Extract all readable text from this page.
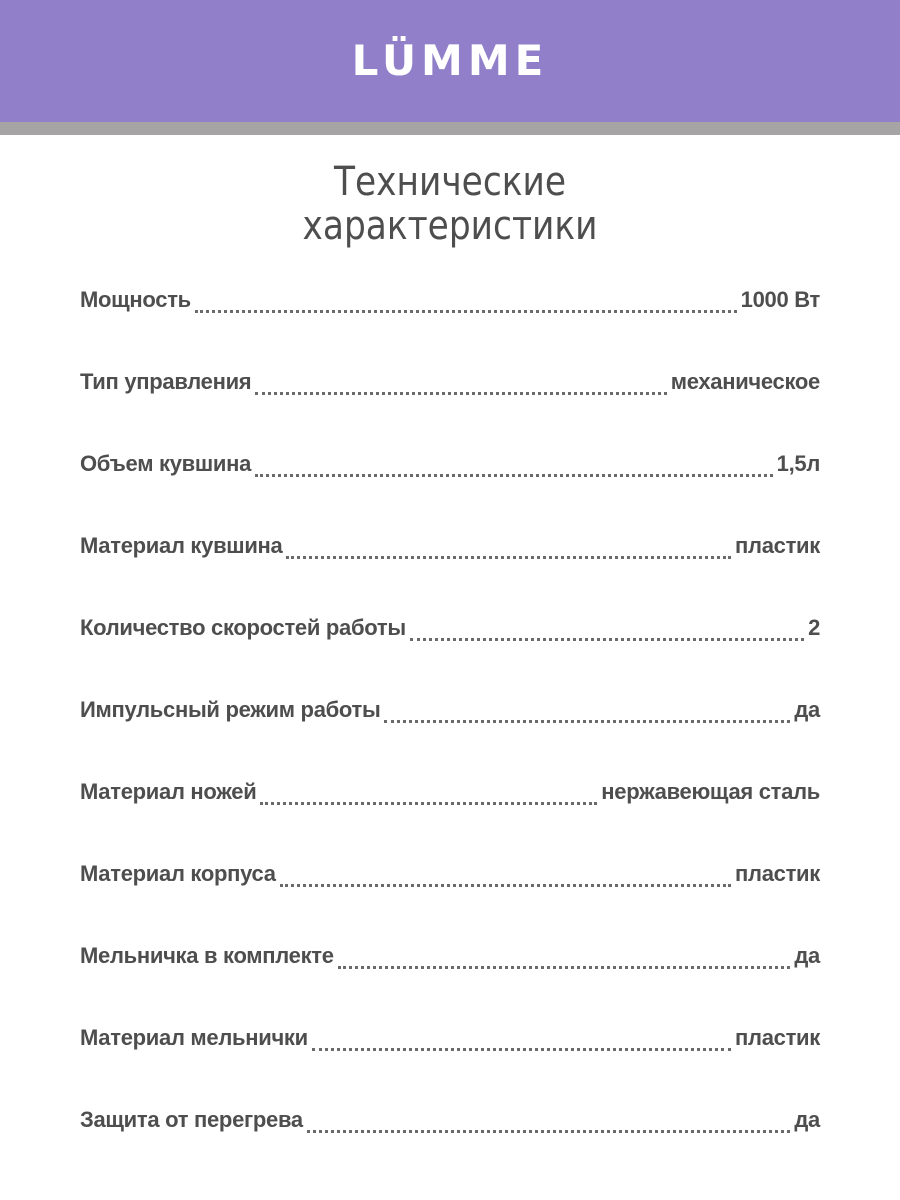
LÜMME
Технические
характеристики
Мощность	1000 Вт
Тип управления	механическое
Объем кувшина	1,5л
Материал кувшина	пластик
Количество скоростей работы	2
Импульсный режим работы	да
Материал ножей	нержавеющая сталь
Материал корпуса	пластик
Мельничка в комплекте	да
Материал мельнички	пластик
Защита от перегрева	да
